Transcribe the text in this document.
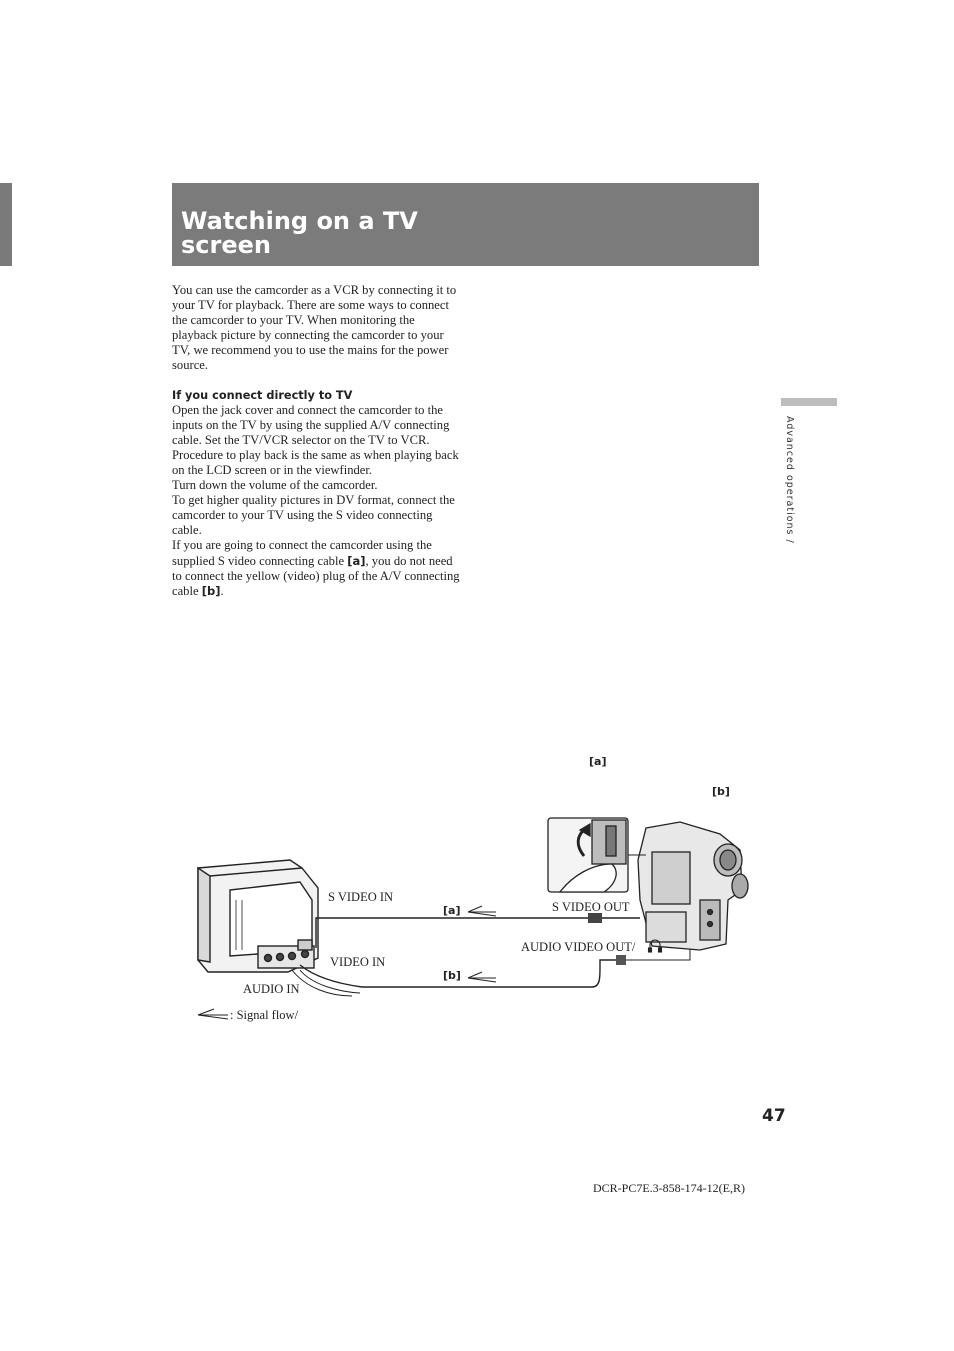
Watching on a TV screen
Advanced operations /

You can use the camcorder as a VCR by connecting it to your TV for playback. There are some ways to connect the camcorder to your TV. When monitoring the playback picture by connecting the camcorder to your TV, we recommend you to use the mains for the power source.

If you connect directly to TV

Open the jack cover and connect the camcorder to the inputs on the TV by using the supplied A/V connecting cable. Set the TV/VCR selector on the TV to VCR. Procedure to play back is the same as when playing back on the LCD screen or in the viewfinder.

Turn down the volume of the camcorder.

To get higher quality pictures in DV format, connect the camcorder to your TV using the S video connecting cable.

If you are going to connect the camcorder using the supplied S video connecting cable [a], you do not need to connect the yellow (video) plug of the A/V connecting cable [b].

[a]
[b]
S VIDEO IN
VIDEO IN
AUDIO IN
S VIDEO OUT
AUDIO VIDEO OUT/
[a]
[b]
: Signal flow/
47
DCR-PC7E.3-858-174-12(E,R)
